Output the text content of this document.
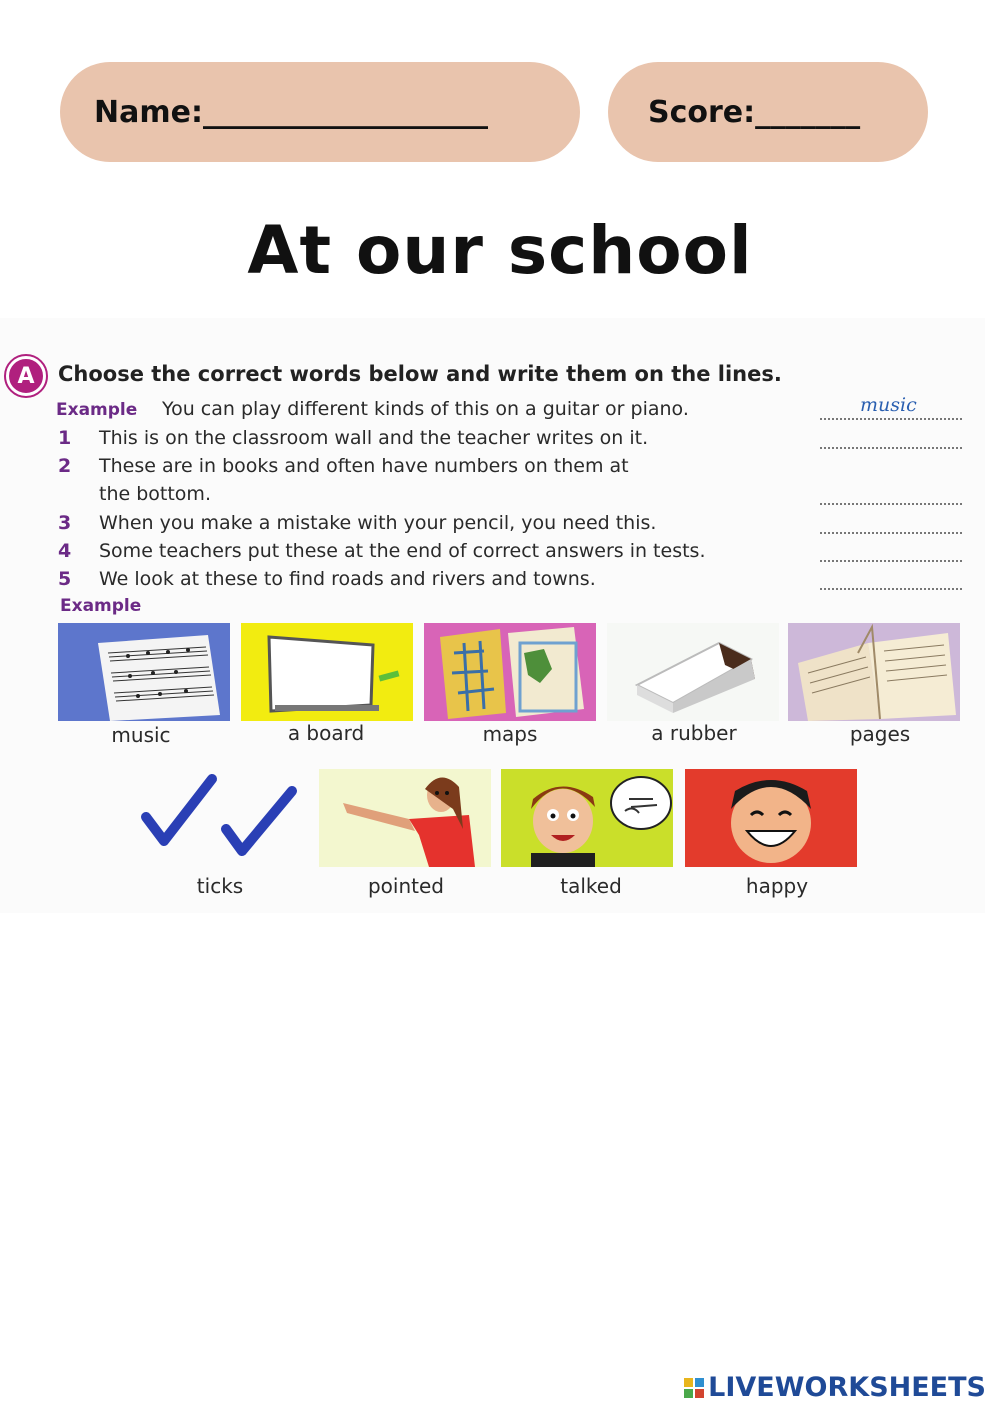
Name:___________________	Score:_______
At our school
A	Choose the correct words below and write them on the lines.
Example You can play different kinds of this on a guitar or piano.	music
1 This is on the classroom wall and the teacher writes on it.
2 These are in books and often have numbers on them at
the bottom.
3 When you make a mistake with your pencil, you need this.
4 Some teachers put these at the end of correct answers in tests.
5 We look at these to find roads and rivers and towns.
Example
music	a board	maps	a rubber	pages
ticks	pointed	talked	happy
LIVEWORKSHEETS
